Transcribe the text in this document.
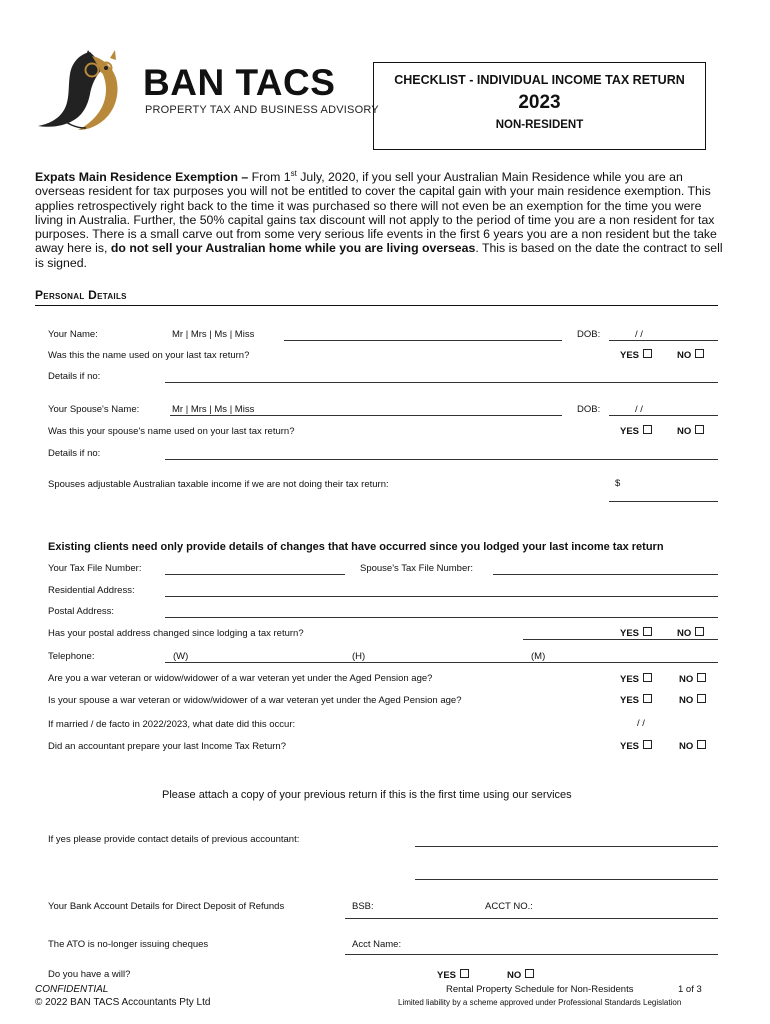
BAN TACS
PROPERTY TAX AND BUSINESS ADVISORY
CHECKLIST - INDIVIDUAL INCOME TAX RETURN
2023
NON-RESIDENT
Expats Main Residence Exemption – From 1st July, 2020, if you sell your Australian Main Residence while you are an overseas resident for tax purposes you will not be entitled to cover the capital gain with your main residence exemption. This applies retrospectively right back to the time it was purchased so there will not even be an exemption for the time you were living in Australia. Further, the 50% capital gains tax discount will not apply to the period of time you are a non resident for tax purposes. There is a small carve out from some very serious life events in the first 6 years you are a non resident but the take away here is, do not sell your Australian home while you are living overseas. This is based on the date the contract to sell is signed.
Personal Details
Your Name:	Mr | Mrs | Ms | Miss	DOB:	/ /
Was this the name used on your last tax return?	YES	NO
Details if no:
Your Spouse's Name:	Mr | Mrs | Ms | Miss	DOB:	/ /
Was this your spouse's name used on your last tax return?	YES	NO
Details if no:
Spouses adjustable Australian taxable income if we are not doing their tax return:	$
Existing clients need only provide details of changes that have occurred since you lodged your last income tax return
Your Tax File Number:	Spouse's Tax File Number:
Residential Address:
Postal Address:
Has your postal address changed since lodging a tax return?	YES	NO
Telephone:	(W)	(H)	(M)
Are you a war veteran or widow/widower of a war veteran yet under the Aged Pension age?	YES	NO
Is your spouse a war veteran or widow/widower of a war veteran yet under the Aged Pension age?	YES	NO
If married / de facto in 2022/2023, what date did this occur:	/ /
Did an accountant prepare your last Income Tax Return?	YES	NO
Please attach a copy of your previous return if this is the first time using our services
If yes please provide contact details of previous accountant:
Your Bank Account Details for Direct Deposit of Refunds	BSB:	ACCT NO.:
The ATO is no-longer issuing cheques	Acct Name:
Do you have a will?	YES	NO
CONFIDENTIAL
© 2022 BAN TACS Accountants Pty Ltd
Rental Property Schedule for Non-Residents	1 of 3
Limited liability by a scheme approved under Professional Standards Legislation
